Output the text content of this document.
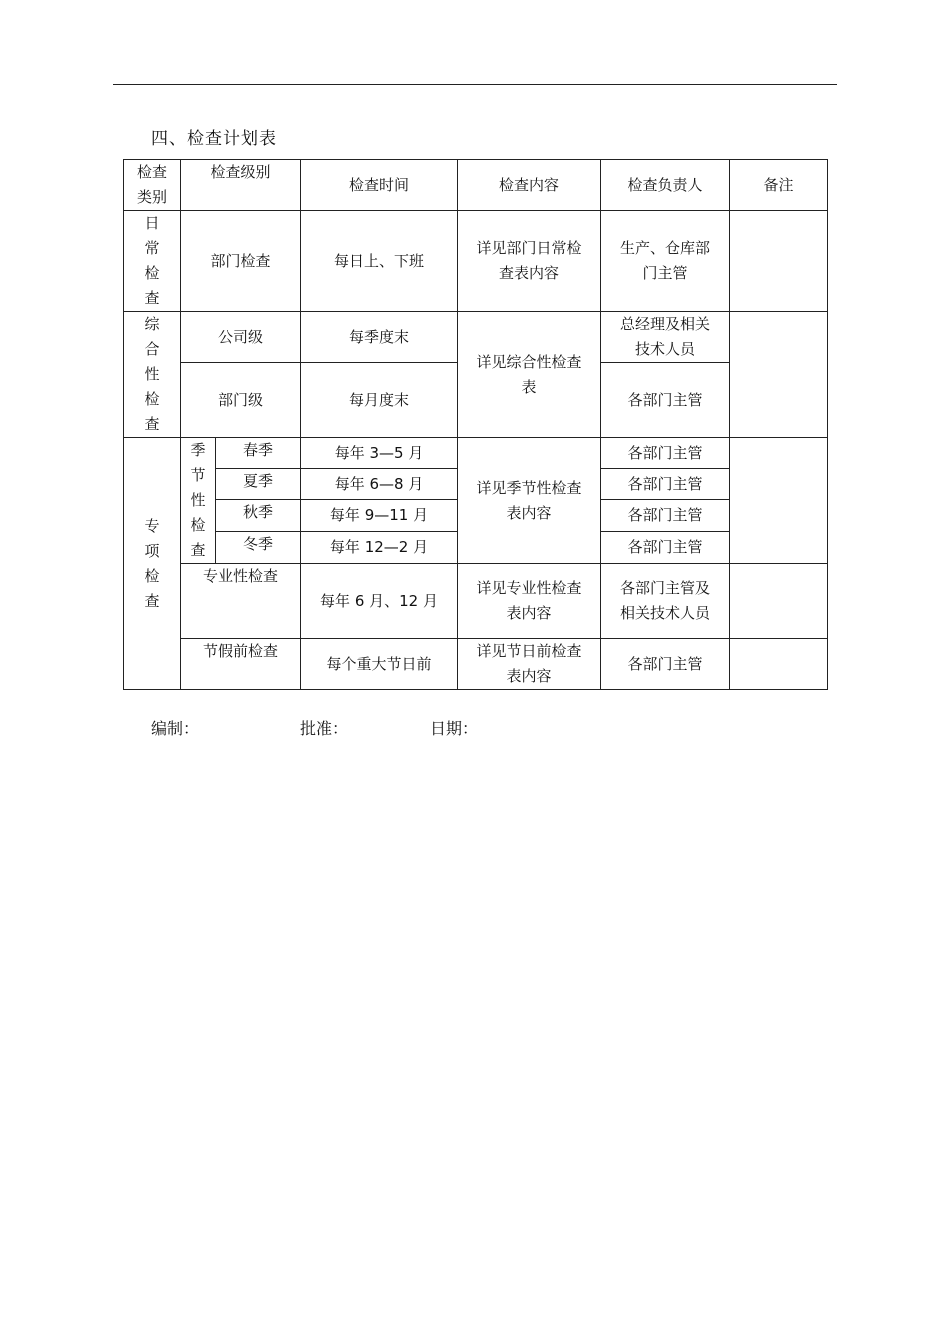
四、检查计划表
检查类别	检查级别		检查时间	检查内容	检查负责人	备注
日常检查	部门检查		每日上、下班	详见部门日常检查表内容	生产、仓库部门主管	
综合性检查	公司级		每季度末	详见综合性检查表	总经理及相关技术人员	
	部门级		每月度末		各部门主管	
专项检查	季节性检查	春季	每年 3—5 月	详见季节性检查表内容	各部门主管	
		夏季	每年 6—8 月		各部门主管	
		秋季	每年 9—11 月		各部门主管	
		冬季	每年 12—2 月		各部门主管	
	专业性检查		每年 6 月、12 月	详见专业性检查表内容	各部门主管及相关技术人员	
	节假前检查		每个重大节日前	详见节日前检查表内容	各部门主管	
编制：	批准：	日期：
